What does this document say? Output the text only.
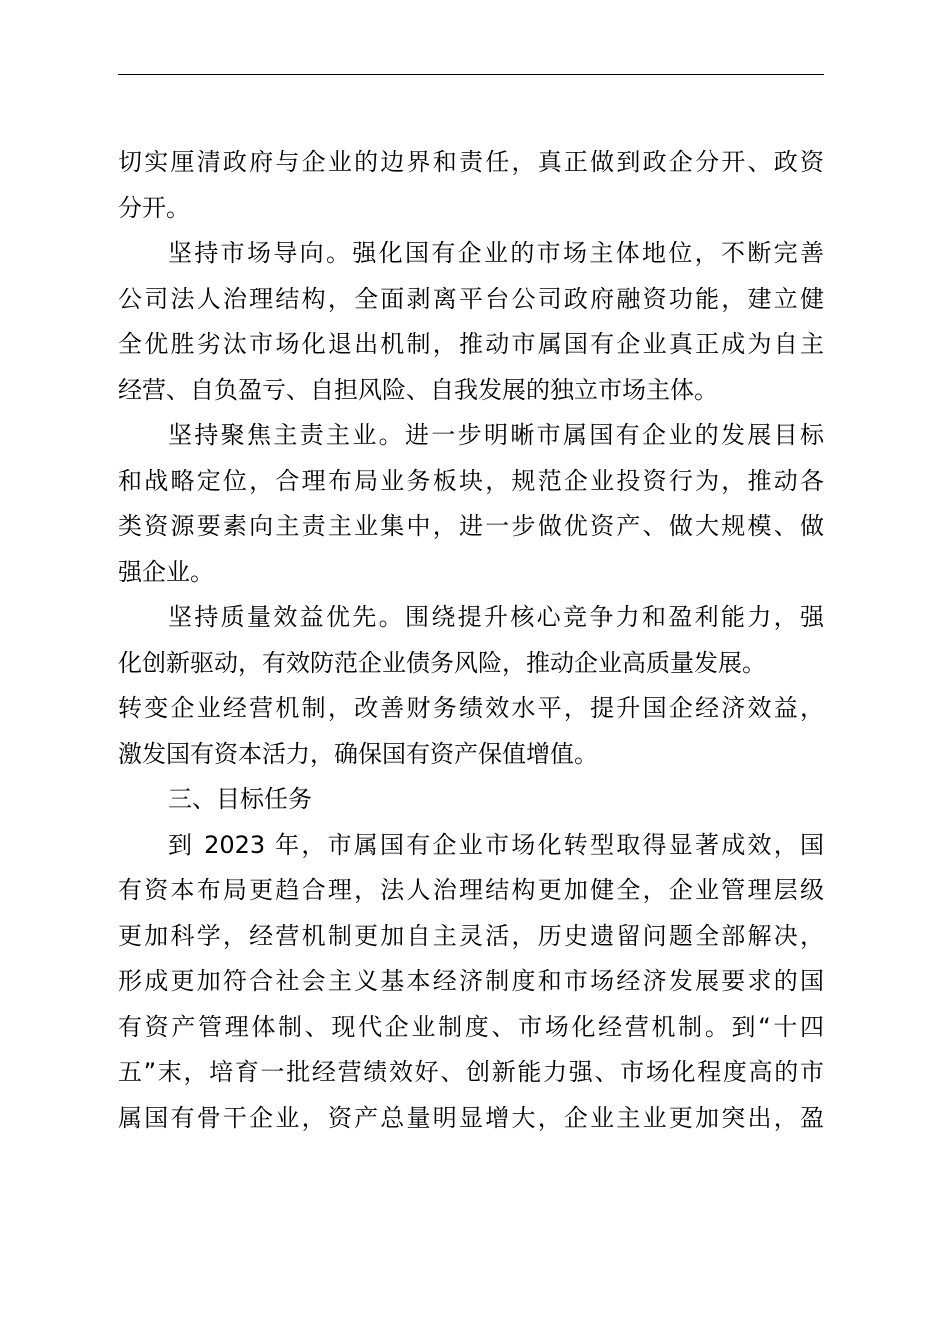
切实厘清政府与企业的边界和责任，真正做到政企分开、政资
分开。
坚持市场导向。强化国有企业的市场主体地位，不断完善
公司法人治理结构，全面剥离平台公司政府融资功能，建立健
全优胜劣汰市场化退出机制，推动市属国有企业真正成为自主
经营、自负盈亏、自担风险、自我发展的独立市场主体。
坚持聚焦主责主业。进一步明晰市属国有企业的发展目标
和战略定位，合理布局业务板块，规范企业投资行为，推动各
类资源要素向主责主业集中，进一步做优资产、做大规模、做
强企业。
坚持质量效益优先。围绕提升核心竞争力和盈利能力，强
化创新驱动，有效防范企业债务风险，推动企业高质量发展。
转变企业经营机制，改善财务绩效水平，提升国企经济效益，
激发国有资本活力，确保国有资产保值增值。
三、目标任务
到 2023 年，市属国有企业市场化转型取得显著成效，国
有资本布局更趋合理，法人治理结构更加健全，企业管理层级
更加科学，经营机制更加自主灵活，历史遗留问题全部解决，
形成更加符合社会主义基本经济制度和市场经济发展要求的国
有资产管理体制、现代企业制度、市场化经营机制。到“十四
五”末，培育一批经营绩效好、创新能力强、市场化程度高的市
属国有骨干企业，资产总量明显增大，企业主业更加突出，盈
